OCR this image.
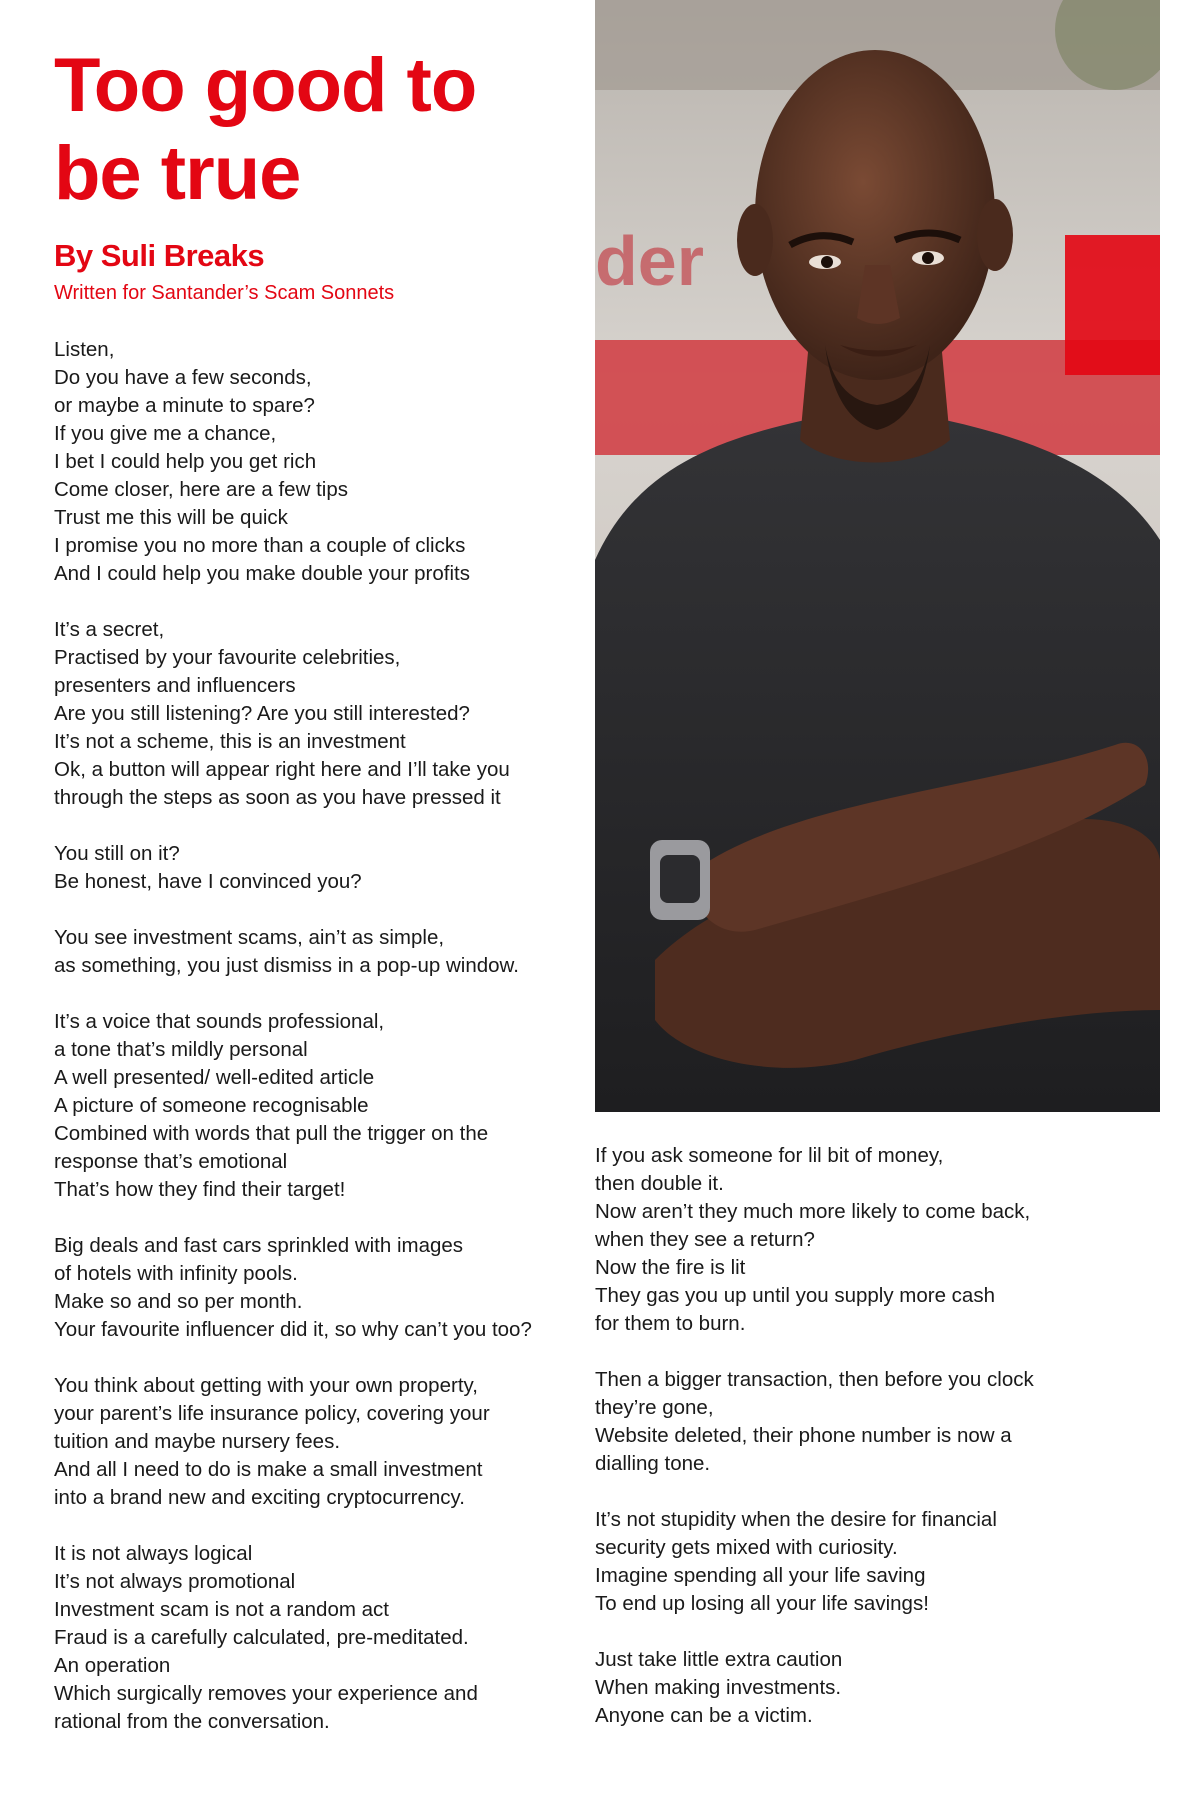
Too good to be true
By Suli Breaks

Written for Santander’s Scam Sonnets

Listen,
Do you have a few seconds,
or maybe a minute to spare?
If you give me a chance,
I bet I could help you get rich
Come closer, here are a few tips
Trust me this will be quick
I promise you no more than a couple of clicks
And I could help you make double your profits
It’s a secret,
Practised by your favourite celebrities,
presenters and influencers
Are you still listening? Are you still interested?
It’s not a scheme, this is an investment
Ok, a button will appear right here and I’ll take you
through the steps as soon as you have pressed it
You still on it?
Be honest, have I convinced you?
You see investment scams, ain’t as simple,
as something, you just dismiss in a pop-up window.
It’s a voice that sounds professional,
a tone that’s mildly personal
A well presented/ well-edited article
A picture of someone recognisable
Combined with words that pull the trigger on the
response that’s emotional
That’s how they find their target!
Big deals and fast cars sprinkled with images
of hotels with infinity pools.
Make so and so per month.
Your favourite influencer did it, so why can’t you too?
You think about getting with your own property,
your parent’s life insurance policy, covering your
tuition and maybe nursery fees.
And all I need to do is make a small investment
into a brand new and exciting cryptocurrency.
It is not always logical
It’s not always promotional
Investment scam is not a random act
Fraud is a carefully calculated, pre-meditated.
An operation
Which surgically removes your experience and
rational from the conversation.
der
If you ask someone for lil bit of money,
then double it.
Now aren’t they much more likely to come back,
when they see a return?
Now the fire is lit
They gas you up until you supply more cash
for them to burn.
Then a bigger transaction, then before you clock
they’re gone,
Website deleted, their phone number is now a
dialling tone.
It’s not stupidity when the desire for financial
security gets mixed with curiosity.
Imagine spending all your life saving
To end up losing all your life savings!
Just take little extra caution
When making investments.
Anyone can be a victim.
